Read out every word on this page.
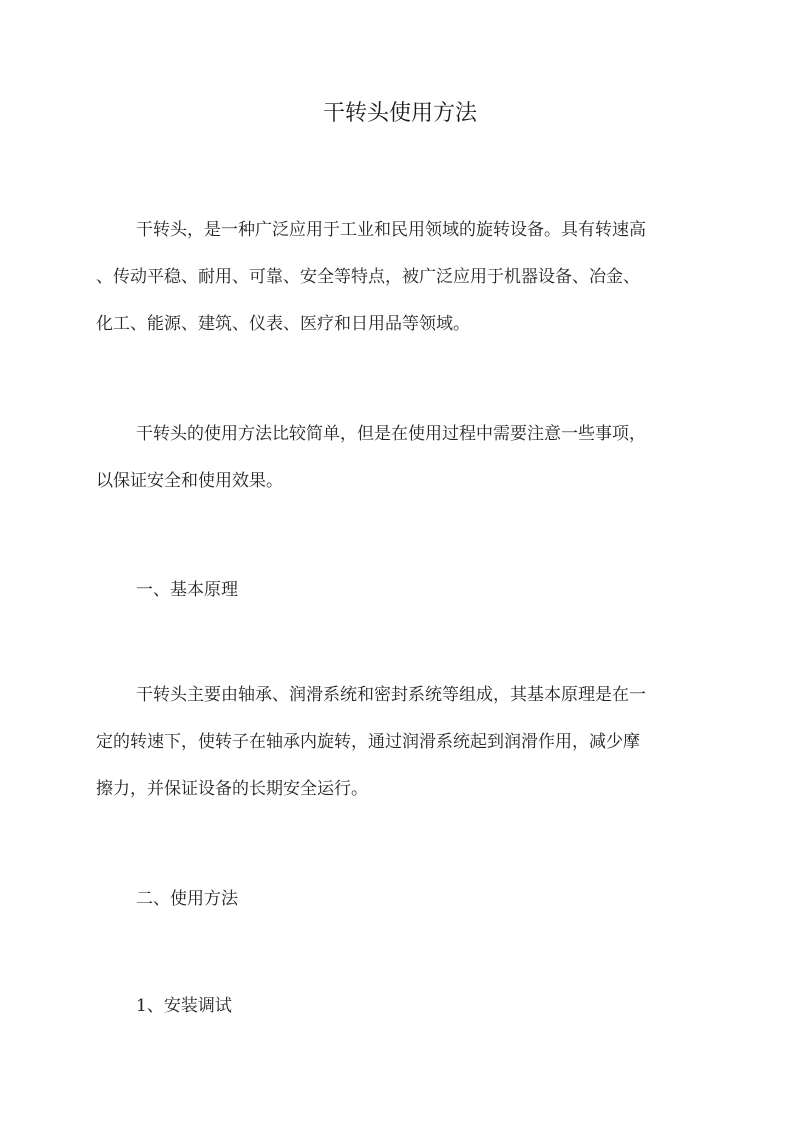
干转头使用方法
干转头，是一种广泛应用于工业和民用领域的旋转设备。具有转速高
、传动平稳、耐用、可靠、安全等特点，被广泛应用于机器设备、冶金、
化工、能源、建筑、仪表、医疗和日用品等领域。
干转头的使用方法比较简单，但是在使用过程中需要注意一些事项，
以保证安全和使用效果。
一、基本原理
干转头主要由轴承、润滑系统和密封系统等组成，其基本原理是在一
定的转速下，使转子在轴承内旋转，通过润滑系统起到润滑作用，减少摩
擦力，并保证设备的长期安全运行。
二、使用方法
1、安装调试
